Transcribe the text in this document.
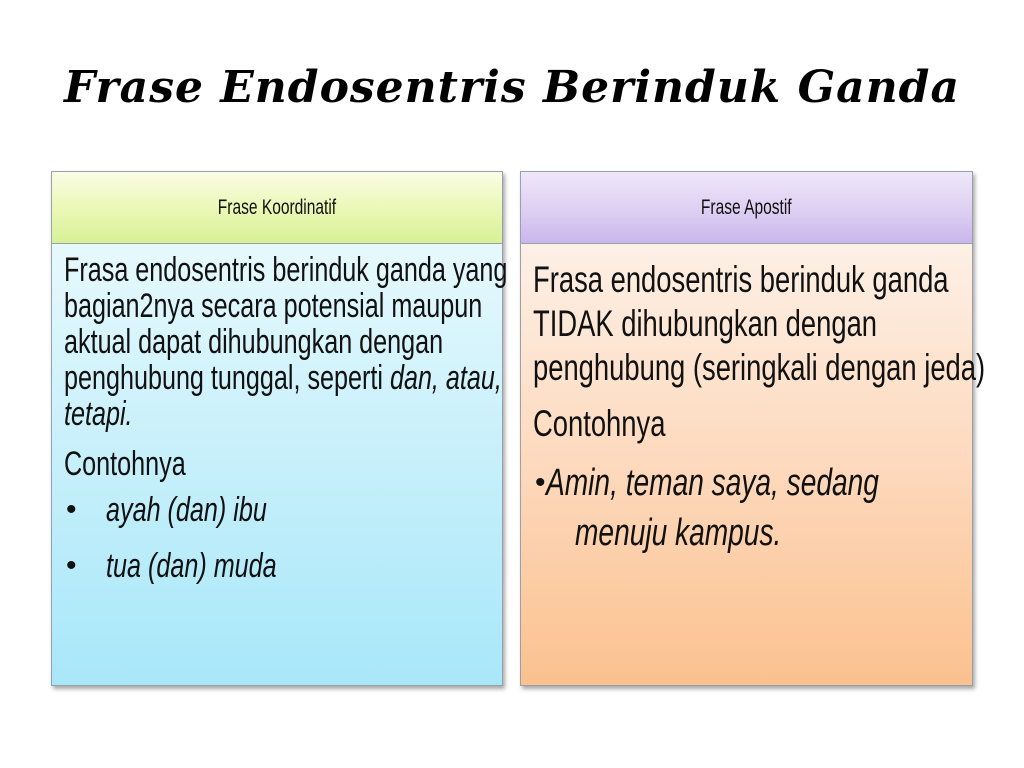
Frase Endosentris Berinduk Ganda
Frase Koordinatif
Frasa endosentris berinduk ganda yang
bagian2nya secara potensial maupun
aktual dapat dihubungkan dengan
penghubung tunggal, seperti dan, atau,
tetapi.
Contohnya
• ayah (dan) ibu
• tua (dan) muda
Frase Apostif
Frasa endosentris berinduk ganda
TIDAK dihubungkan dengan
penghubung (seringkali dengan jeda)
Contohnya
• Amin, teman saya, sedang
menuju kampus.
